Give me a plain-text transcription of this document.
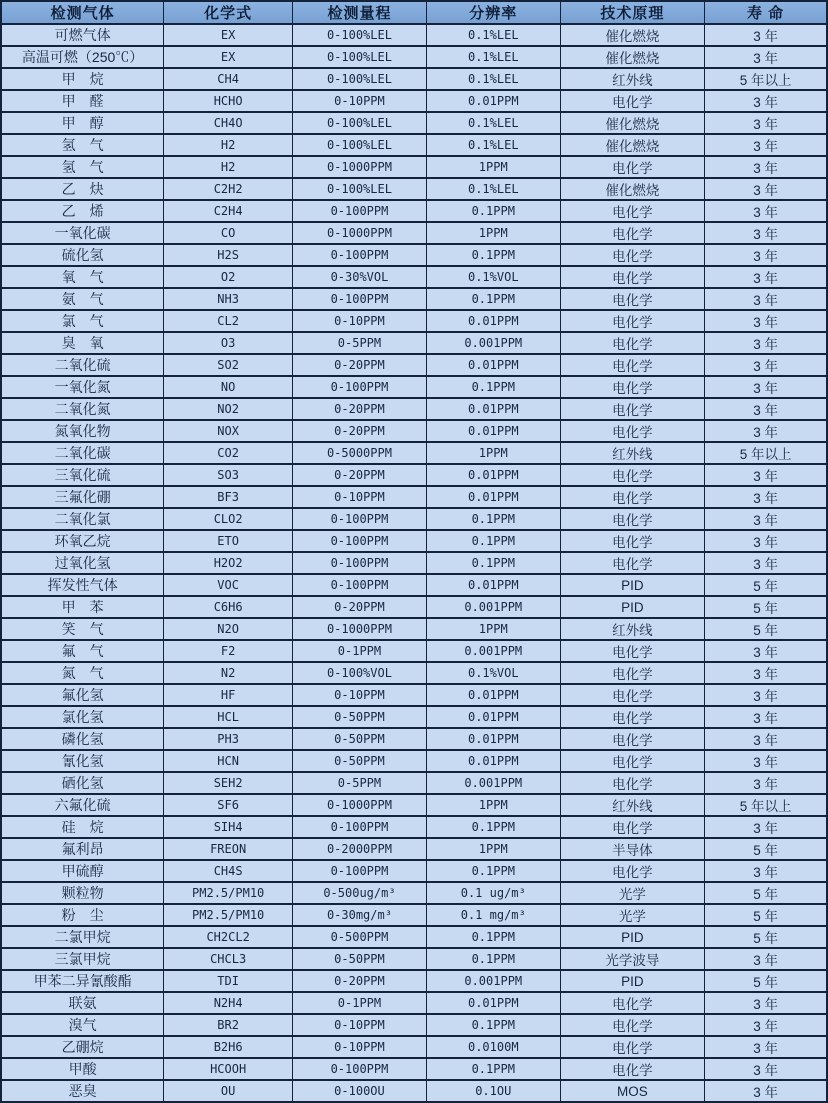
检测气体	化学式	检测量程	分辨率	技术原理	寿 命
可燃气体	EX	0-100%LEL	0.1%LEL	催化燃烧	3 年
高温可燃（250℃）	EX	0-100%LEL	0.1%LEL	催化燃烧	3 年
甲　烷	CH4	0-100%LEL	0.1%LEL	红外线	5 年以上
甲　醛	HCHO	0-10PPM	0.01PPM	电化学	3 年
甲　醇	CH4O	0-100%LEL	0.1%LEL	催化燃烧	3 年
氢　气	H2	0-100%LEL	0.1%LEL	催化燃烧	3 年
氢　气	H2	0-1000PPM	1PPM	电化学	3 年
乙　炔	C2H2	0-100%LEL	0.1%LEL	催化燃烧	3 年
乙　烯	C2H4	0-100PPM	0.1PPM	电化学	3 年
一氧化碳	CO	0-1000PPM	1PPM	电化学	3 年
硫化氢	H2S	0-100PPM	0.1PPM	电化学	3 年
氧　气	O2	0-30%VOL	0.1%VOL	电化学	3 年
氨　气	NH3	0-100PPM	0.1PPM	电化学	3 年
氯　气	CL2	0-10PPM	0.01PPM	电化学	3 年
臭　氧	O3	0-5PPM	0.001PPM	电化学	3 年
二氧化硫	SO2	0-20PPM	0.01PPM	电化学	3 年
一氧化氮	NO	0-100PPM	0.1PPM	电化学	3 年
二氧化氮	NO2	0-20PPM	0.01PPM	电化学	3 年
氮氧化物	NOX	0-20PPM	0.01PPM	电化学	3 年
二氧化碳	CO2	0-5000PPM	1PPM	红外线	5 年以上
三氧化硫	SO3	0-20PPM	0.01PPM	电化学	3 年
三氟化硼	BF3	0-10PPM	0.01PPM	电化学	3 年
二氧化氯	CLO2	0-100PPM	0.1PPM	电化学	3 年
环氧乙烷	ETO	0-100PPM	0.1PPM	电化学	3 年
过氧化氢	H2O2	0-100PPM	0.1PPM	电化学	3 年
挥发性气体	VOC	0-100PPM	0.01PPM	PID	5 年
甲　苯	C6H6	0-20PPM	0.001PPM	PID	5 年
笑　气	N2O	0-1000PPM	1PPM	红外线	5 年
氟　气	F2	0-1PPM	0.001PPM	电化学	3 年
氮　气	N2	0-100%VOL	0.1%VOL	电化学	3 年
氟化氢	HF	0-10PPM	0.01PPM	电化学	3 年
氯化氢	HCL	0-50PPM	0.01PPM	电化学	3 年
磷化氢	PH3	0-50PPM	0.01PPM	电化学	3 年
氰化氢	HCN	0-50PPM	0.01PPM	电化学	3 年
硒化氢	SEH2	0-5PPM	0.001PPM	电化学	3 年
六氟化硫	SF6	0-1000PPM	1PPM	红外线	5 年以上
硅　烷	SIH4	0-100PPM	0.1PPM	电化学	3 年
氟利昂	FREON	0-2000PPM	1PPM	半导体	5 年
甲硫醇	CH4S	0-100PPM	0.1PPM	电化学	3 年
颗粒物	PM2.5/PM10	0-500ug/m³	0.1 ug/m³	光学	5 年
粉　尘	PM2.5/PM10	0-30mg/m³	0.1 mg/m³	光学	5 年
二氯甲烷	CH2CL2	0-500PPM	0.1PPM	PID	5 年
三氯甲烷	CHCL3	0-50PPM	0.1PPM	光学波导	3 年
甲苯二异氰酸酯	TDI	0-20PPM	0.001PPM	PID	5 年
联氨	N2H4	0-1PPM	0.01PPM	电化学	3 年
溴气	BR2	0-10PPM	0.1PPM	电化学	3 年
乙硼烷	B2H6	0-10PPM	0.0100M	电化学	3 年
甲酸	HCOOH	0-100PPM	0.1PPM	电化学	3 年
恶臭	OU	0-100OU	0.1OU	MOS	3 年
